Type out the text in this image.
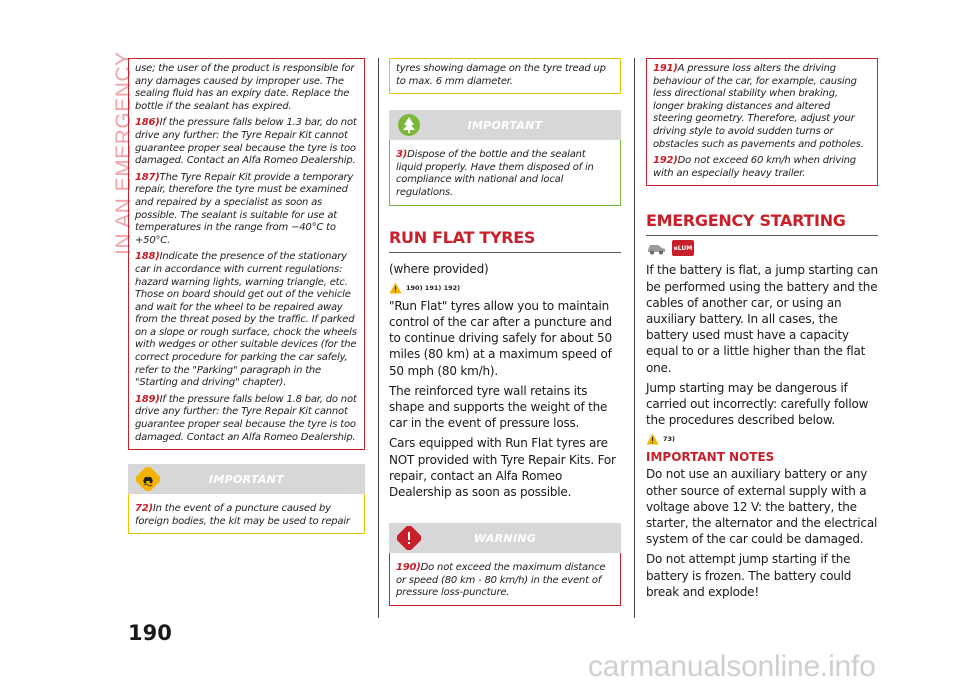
IN AN EMERGENCY use; the user of the product is responsible for any damages caused by improper use. The sealing fluid has an expiry date. Replace the bottle if the sealant has expired.

186)If the pressure falls below 1.3 bar, do not drive any further: the Tyre Repair Kit cannot guarantee proper seal because the tyre is too damaged. Contact an Alfa Romeo Dealership.

187)The Tyre Repair Kit provide a temporary repair, therefore the tyre must be examined and repaired by a specialist as soon as possible. The sealant is suitable for use at temperatures in the range from −40°C to +50°C.

188)Indicate the presence of the stationary car in accordance with current regulations: hazard warning lights, warning triangle, etc. Those on board should get out of the vehicle and wait for the wheel to be repaired away from the threat posed by the traffic. If parked on a slope or rough surface, chock the wheels with wedges or other suitable devices (for the correct procedure for parking the car safely, refer to the "Parking" paragraph in the "Starting and driving" chapter).

189)If the pressure falls below 1.8 bar, do not drive any further: the Tyre Repair Kit cannot guarantee proper seal because the tyre is too damaged. Contact an Alfa Romeo Dealership.

IMPORTANT

72)In the event of a puncture caused by foreign bodies, the kit may be used to repair

tyres showing damage on the tyre tread up to max. 6 mm diameter.

IMPORTANT

3)Dispose of the bottle and the sealant liquid properly. Have them disposed of in compliance with national and local regulations.

RUN FLAT TYRES

(where provided)

190) 191) 192)

"Run Flat" tyres allow you to maintain control of the car after a puncture and to continue driving safely for about 50 miles (80 km) at a maximum speed of 50 mph (80 km/h).

The reinforced tyre wall retains its shape and supports the weight of the car in the event of pressure loss.

Cars equipped with Run Flat tyres are NOT provided with Tyre Repair Kits. For repair, contact an Alfa Romeo Dealership as soon as possible.

WARNING

190)Do not exceed the maximum distance or speed (80 km - 80 km/h) in the event of pressure loss-puncture.

191)A pressure loss alters the driving behaviour of the car, for example, causing less directional stability when braking, longer braking distances and altered steering geometry. Therefore, adjust your driving style to avoid sudden turns or obstacles such as pavements and potholes.

192)Do not exceed 60 km/h when driving with an especially heavy trailer.

EMERGENCY STARTING
eLUM

If the battery is flat, a jump starting can be performed using the battery and the cables of another car, or using an auxiliary battery. In all cases, the battery used must have a capacity equal to or a little higher than the flat one.

Jump starting may be dangerous if carried out incorrectly: carefully follow the procedures described below.

73)
IMPORTANT NOTES

Do not use an auxiliary battery or any other source of external supply with a voltage above 12 V: the battery, the starter, the alternator and the electrical system of the car could be damaged.

Do not attempt jump starting if the battery is frozen. The battery could break and explode!

190
carmanualsonline.info
